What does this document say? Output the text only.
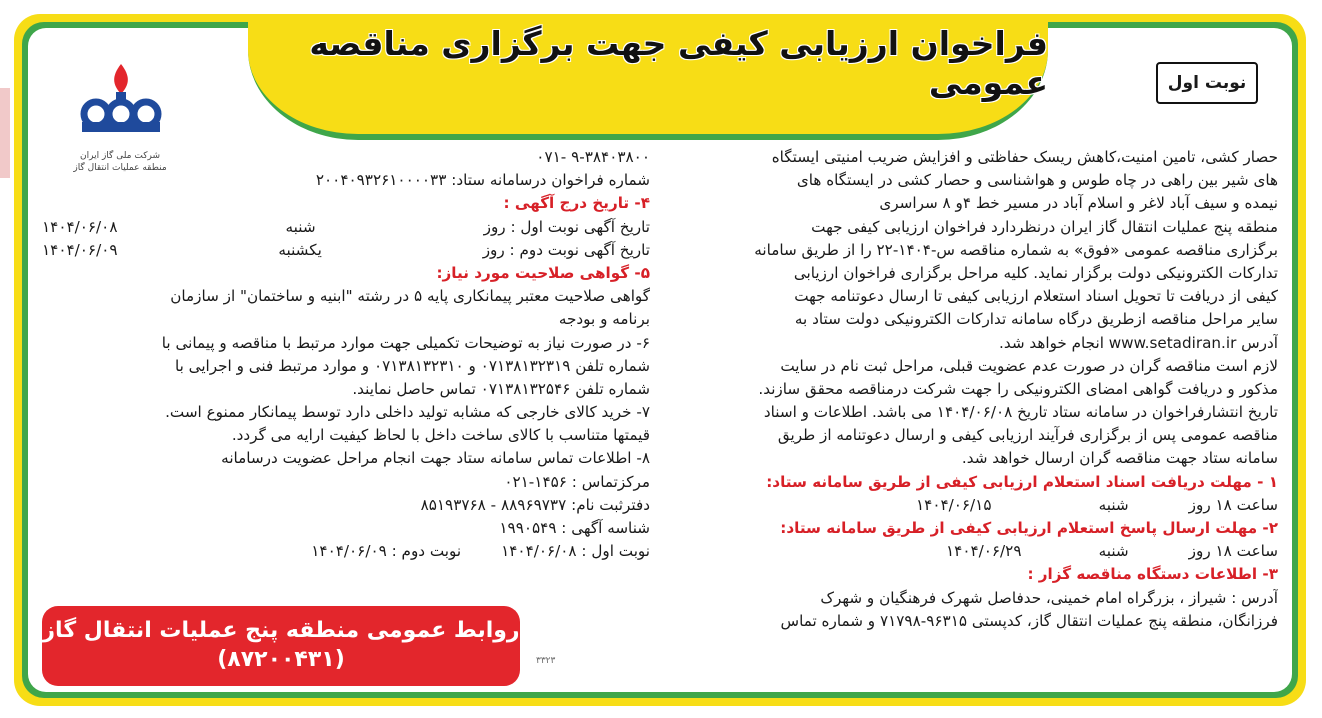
فراخوان ارزیابی کیفی جهت برگزاری مناقصه عمومی	نوبت اول
شرکت ملی گاز ایران
منطقه عملیات انتقال گاز
حصار کشی، تامین امنیت،کاهش ریسک حفاظتی و افزایش ضریب امنیتی ایستگاه
های شیر بین راهی در چاه طوس و هواشناسی و حصار کشی در ایستگاه های
نیمده و سیف آباد لاغر و اسلام آباد در مسیر خط ۴و ۸ سراسری
منطقه پنج عملیات انتقال گاز ایران درنظردارد فراخوان ارزیابی کیفی جهت
برگزاری مناقصه عمومی «فوق» به شماره مناقصه س-۱۴۰۴-۲۲ را از طریق سامانه
تدارکات الکترونیکی دولت برگزار نماید. کلیه مراحل برگزاری فراخوان ارزیابی
کیفی از دریافت تا تحویل اسناد استعلام ارزیابی کیفی تا ارسال دعوتنامه جهت
سایر مراحل مناقصه ازطریق درگاه سامانه تدارکات الکترونیکی دولت ستاد به
آدرس www.setadiran.ir انجام خواهد شد.
لازم است مناقصه گران در صورت عدم عضویت قبلی، مراحل ثبت نام در سایت
مذکور و دریافت گواهی امضای الکترونیکی را جهت شرکت درمناقصه محقق سازند.
تاریخ انتشارفراخوان در سامانه ستاد تاریخ ۱۴۰۴/۰۶/۰۸ می باشد. اطلاعات و اسناد
مناقصه عمومی پس از برگزاری فرآیند ارزیابی کیفی و ارسال دعوتنامه از طریق
سامانه ستاد جهت مناقصه گران ارسال خواهد شد.
۱ - مهلت دریافت اسناد استعلام ارزیابی کیفی از طریق سامانه ستاد:
ساعت ۱۸ روز
شنبه
۱۴۰۴/۰۶/۱۵
۲- مهلت ارسال پاسخ استعلام ارزیابی کیفی از طریق سامانه ستاد:
ساعت ۱۸ روز
شنبه
۱۴۰۴/۰۶/۲۹
۳- اطلاعات دستگاه مناقصه گزار :
آدرس : شیراز ، بزرگراه امام خمینی، حدفاصل شهرک فرهنگیان و شهرک
فرزانگان، منطقه پنج عملیات انتقال گاز، کدپستی ۹۶۳۱۵-۷۱۷۹۸ و شماره تماس
۹-۳۸۴۰۳۸۰۰ -۰۷۱
شماره فراخوان درسامانه ستاد: ۲۰۰۴۰۹۳۲۶۱۰۰۰۰۳۳
۴- تاریخ درج آگهی :
تاریخ آگهی نوبت اول : روز
شنبه
۱۴۰۴/۰۶/۰۸
تاریخ آگهی نوبت دوم : روز
یکشنبه
۱۴۰۴/۰۶/۰۹
۵- گواهی صلاحیت مورد نیاز:
گواهی صلاحیت معتبر پیمانکاری پایه ۵ در رشته "ابنیه و ساختمان" از سازمان
برنامه و بودجه
۶- در صورت نیاز به توضیحات تکمیلی جهت موارد مرتبط با مناقصه و پیمانی با
شماره تلفن ۰۷۱۳۸۱۳۲۳۱۹ و ۰۷۱۳۸۱۳۲۳۱۰ و موارد مرتبط فنی و اجرایی با
شماره تلفن ۰۷۱۳۸۱۳۲۵۴۶ تماس حاصل نمایند.
۷- خرید کالای خارجی که مشابه تولید داخلی دارد توسط پیمانکار ممنوع است.
قیمتها متناسب با کالای ساخت داخل با لحاظ کیفیت ارایه می گردد.
۸- اطلاعات تماس سامانه ستاد جهت انجام مراحل عضویت درسامانه
مرکزتماس : ۱۴۵۶-۰۲۱
دفترثبت نام: ۸۸۹۶۹۷۳۷ - ۸۵۱۹۳۷۶۸
شناسه آگهی : ۱۹۹۰۵۴۹
نوبت اول : ۱۴۰۴/۰۶/۰۸
نوبت دوم : ۱۴۰۴/۰۶/۰۹
روابط عمومی منطقه پنج عملیات انتقال گاز
(۸۷۲۰۰۴۳۱)	۳۳۲۳
